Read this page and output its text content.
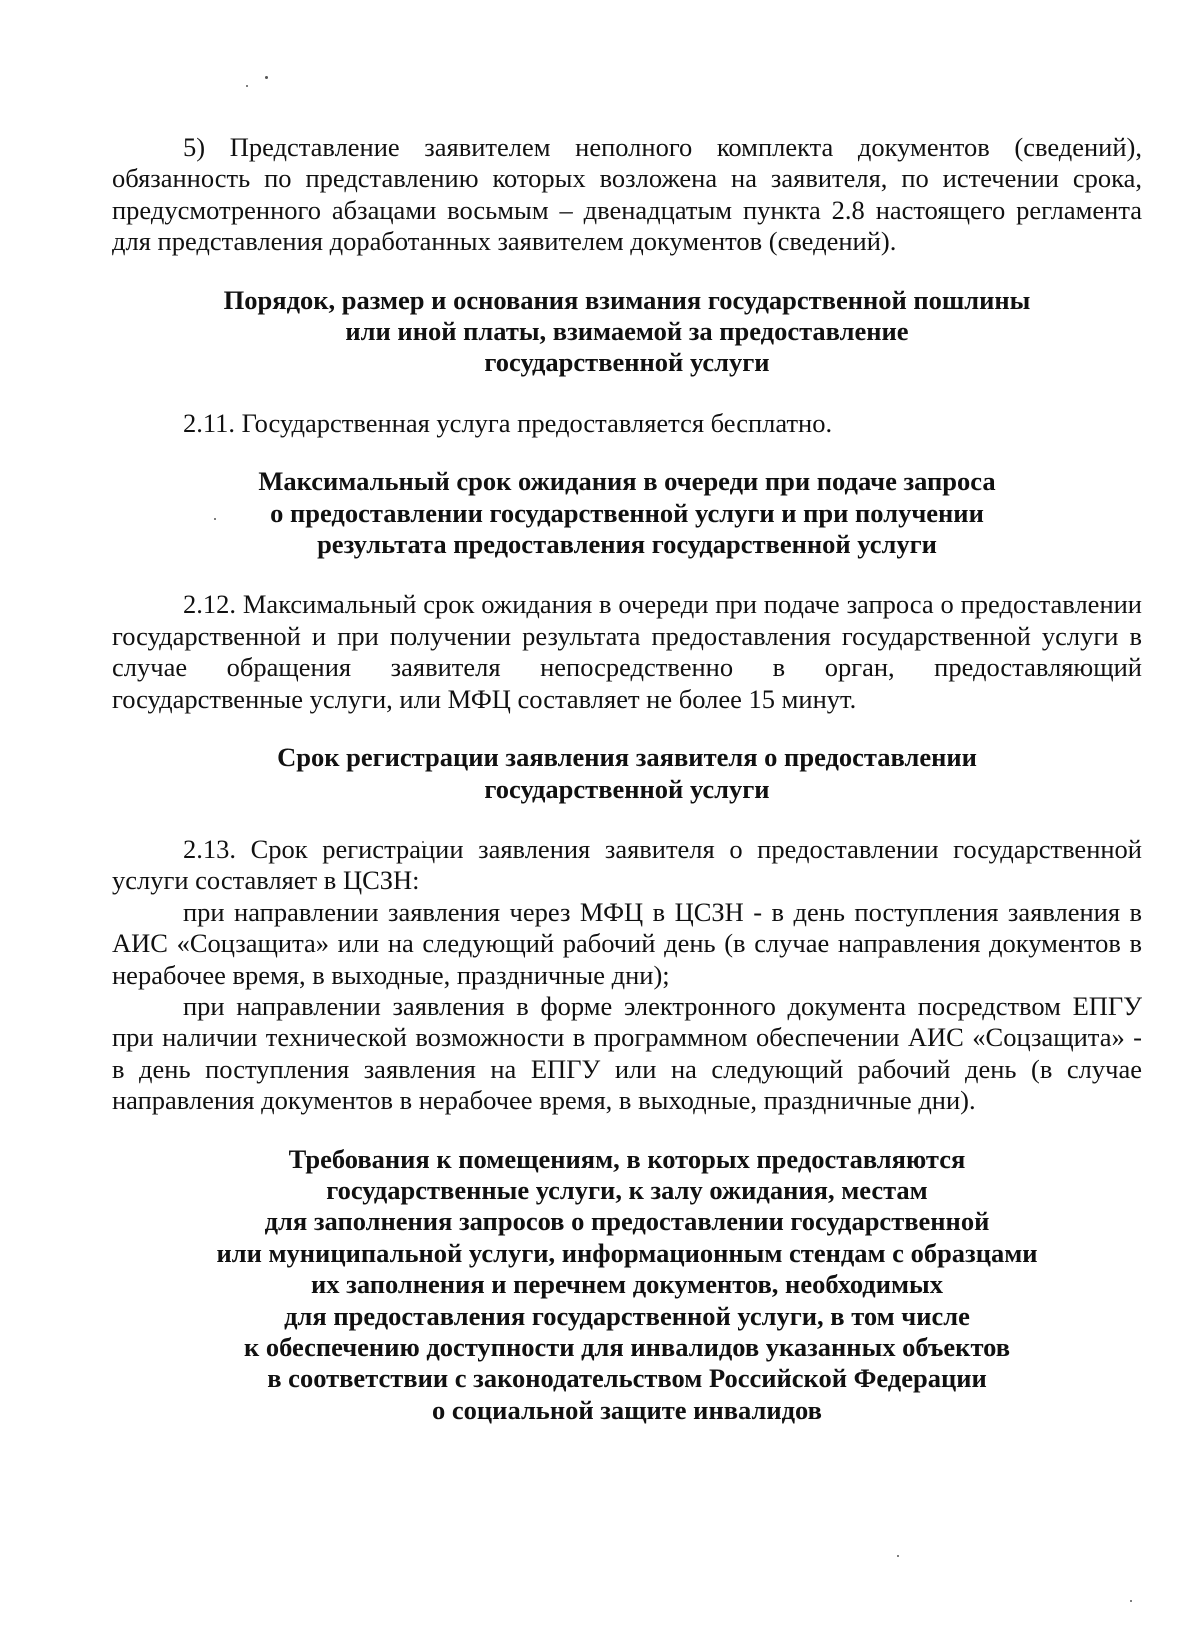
5) Представление заявителем неполного комплекта документов (сведений), обязанность по представлению которых возложена на заявителя, по истечении срока, предусмотренного абзацами восьмым – двенадцатым пункта 2.8 настоящего регламента для представления доработанных заявителем документов (сведений).

Порядок, размер и основания взимания государственной пошлины
или иной платы, взимаемой за предоставление
государственной услуги

2.11. Государственная услуга предоставляется бесплатно.

Максимальный срок ожидания в очереди при подаче запроса
о предоставлении государственной услуги и при получении
результата предоставления государственной услуги

2.12. Максимальный срок ожидания в очереди при подаче запроса о предоставлении государственной и при получении результата предоставления государственной услуги в случае обращения заявителя непосредственно в орган, предоставляющий государственные услуги, или МФЦ составляет не более 15 минут.

Срок регистрации заявления заявителя о предоставлении
государственной услуги

2.13. Срок регистрации заявления заявителя о предоставлении государственной услуги составляет в ЦСЗН:

при направлении заявления через МФЦ в ЦСЗН - в день поступления заявления в АИС «Соцзащита» или на следующий рабочий день (в случае направления документов в нерабочее время, в выходные, праздничные дни);

при направлении заявления в форме электронного документа посредством ЕПГУ при наличии технической возможности в программном обеспечении АИС «Соцзащита» - в день поступления заявления на ЕПГУ или на следующий рабочий день (в случае направления документов в нерабочее время, в выходные, праздничные дни).

Требования к помещениям, в которых предоставляются
государственные услуги, к залу ожидания, местам
для заполнения запросов о предоставлении государственной
или муниципальной услуги, информационным стендам с образцами
их заполнения и перечнем документов, необходимых
для предоставления государственной услуги, в том числе
к обеспечению доступности для инвалидов указанных объектов
в соответствии с законодательством Российской Федерации
о социальной защите инвалидов
